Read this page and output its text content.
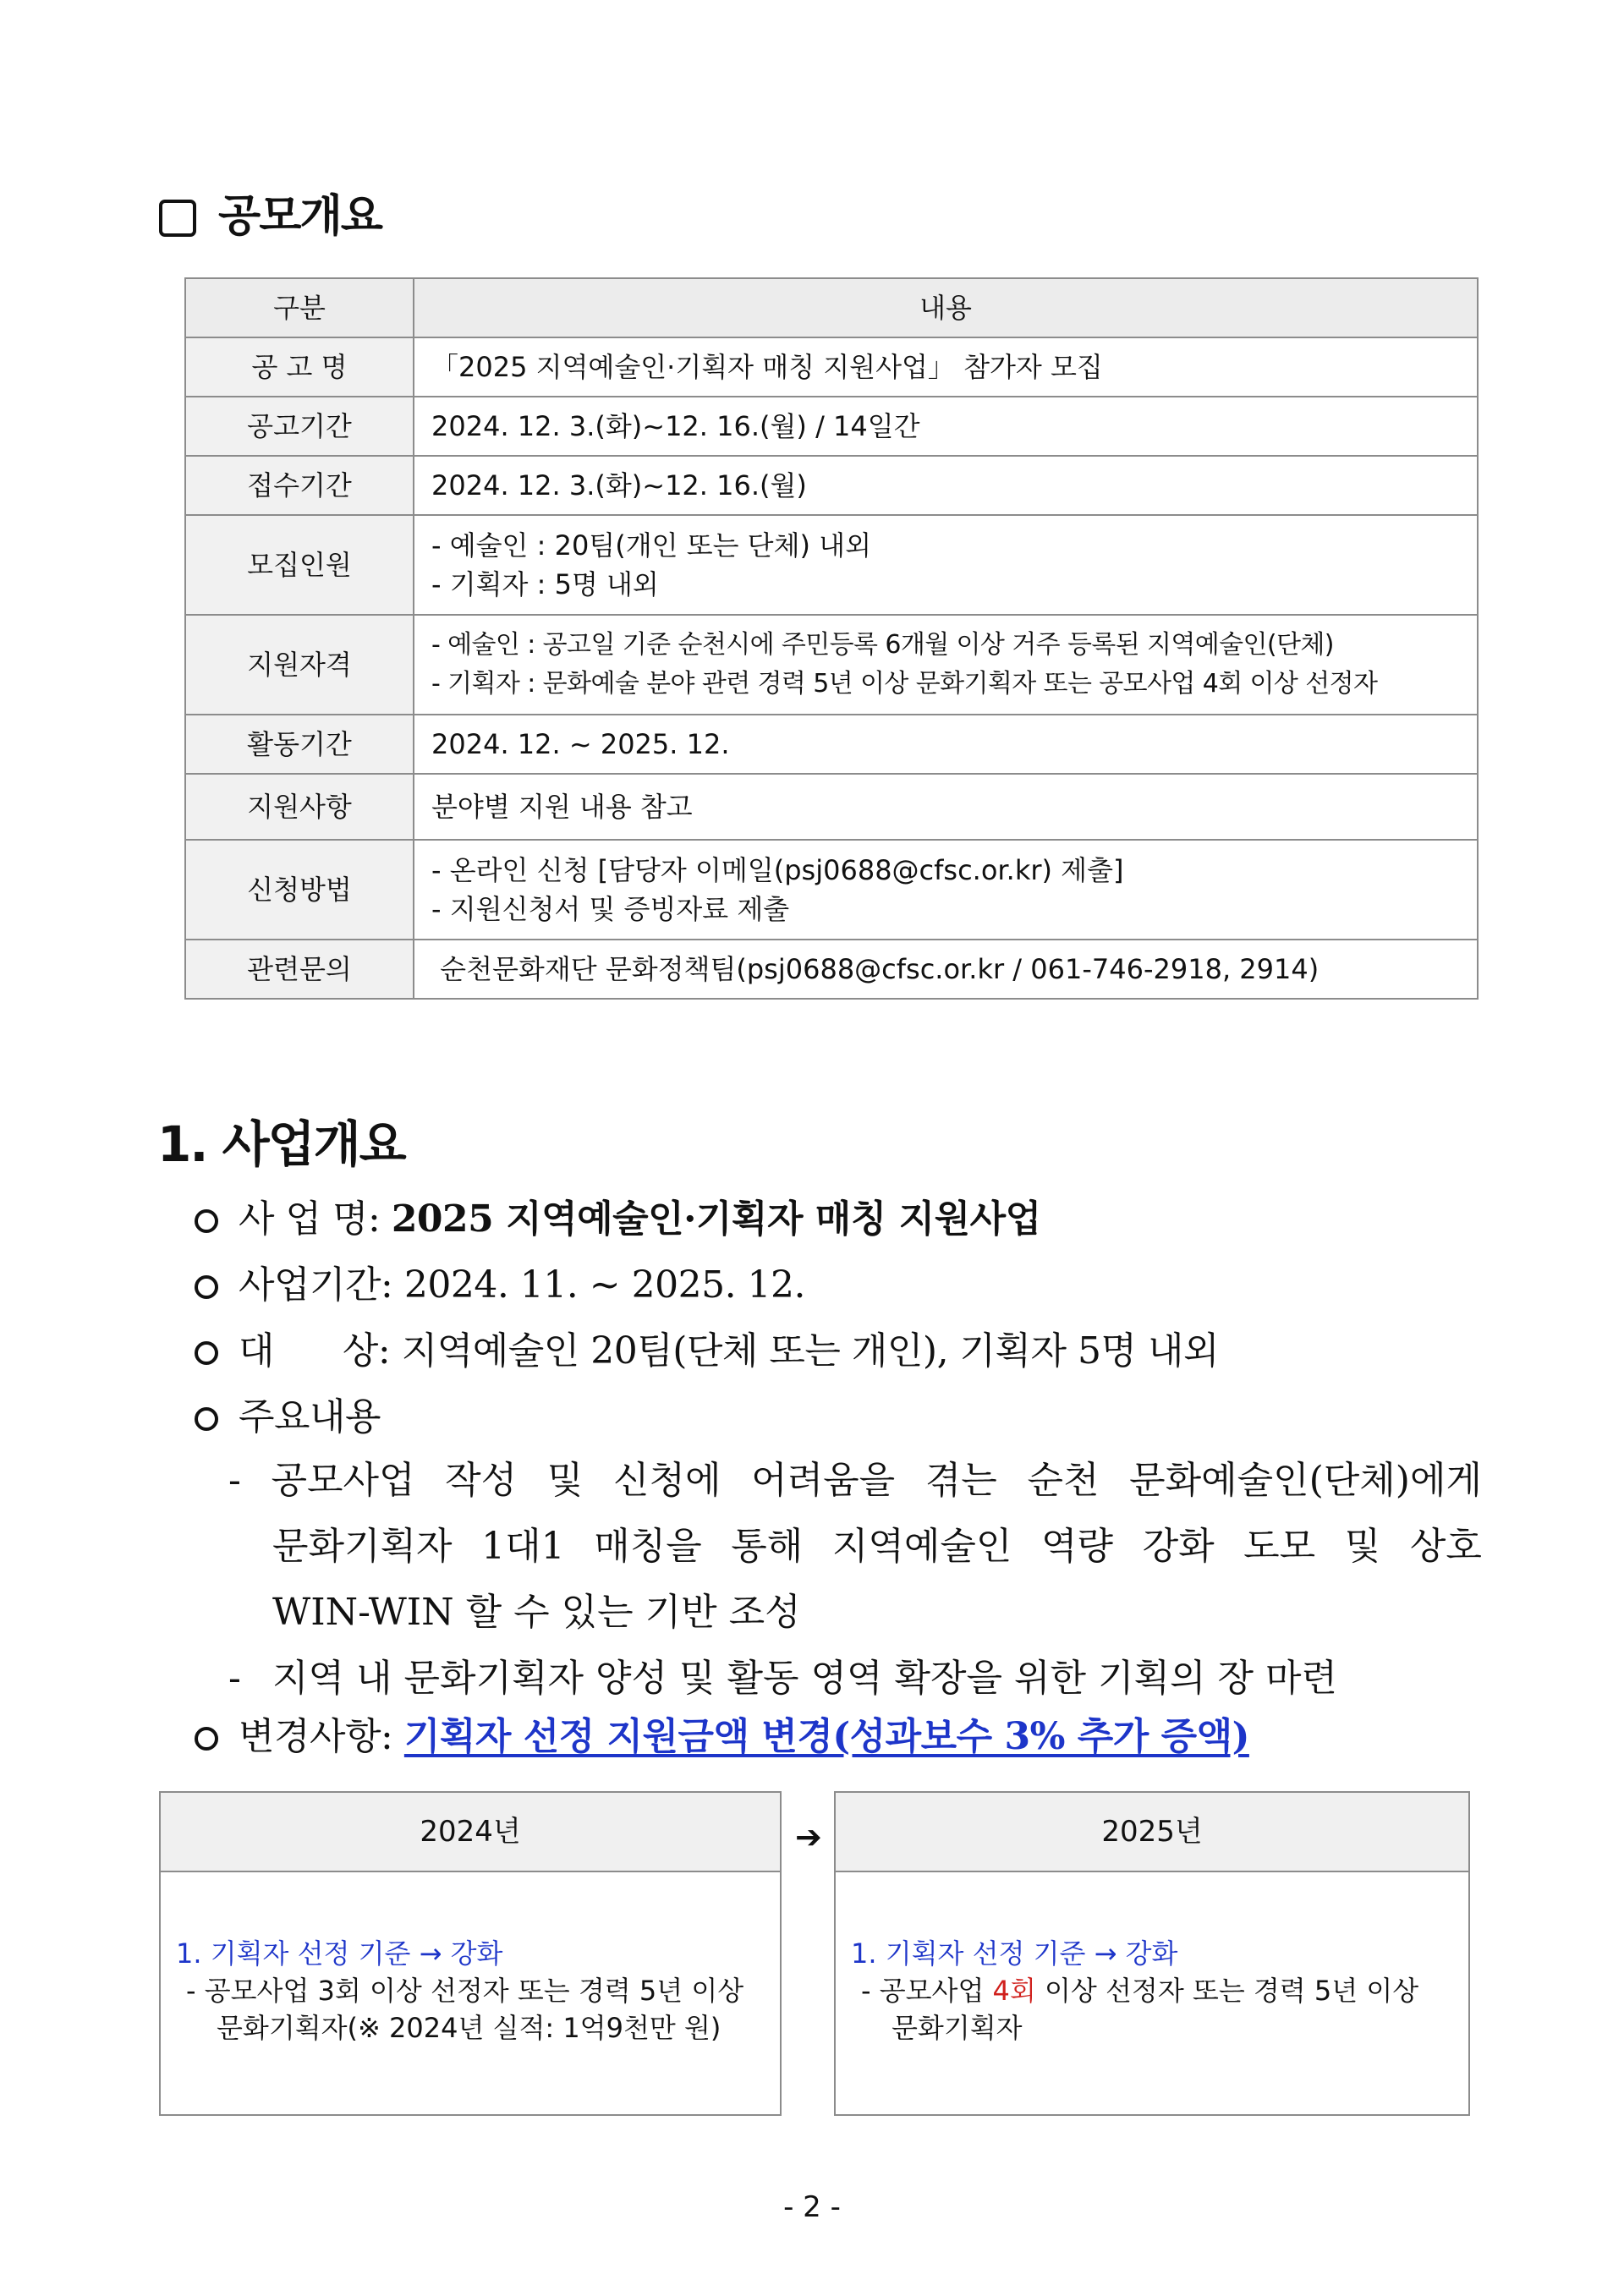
공모개요
구분	내용
공 고 명	「2025 지역예술인·기획자 매칭 지원사업」 참가자 모집
공고기간	2024. 12. 3.(화)~12. 16.(월) / 14일간
접수기간	2024. 12. 3.(화)~12. 16.(월)
모집인원	- 예술인 : 20팀(개인 또는 단체) 내외
- 기획자 : 5명 내외

지원자격	- 예술인 : 공고일 기준 순천시에 주민등록 6개월 이상 거주 등록된 지역예술인(단체)
- 기획자 : 문화예술 분야 관련 경력 5년 이상 문화기획자 또는 공모사업 4회 이상 선정자

활동기간	2024. 12. ~ 2025. 12.
지원사항	분야별 지원 내용 참고
신청방법	- 온라인 신청 [담당자 이메일(psj0688@cfsc.or.kr) 제출]
- 지원신청서 및 증빙자료 제출

관련문의	순천문화재단 문화정책팀(psj0688@cfsc.or.kr / 061-746-2918, 2914)
1. 사업개요
사 업 명: 2025 지역예술인·기획자 매칭 지원사업
사업기간: 2024. 11. ~ 2025. 12.
대      상: 지역예술인 20팀(단체 또는 개인), 기획자 5명 내외
주요내용
- 공모사업 작성 및 신청에 어려움을 겪는 순천 문화예술인(단체)에게
문화기획자 1대1 매칭을 통해 지역예술인 역량 강화 도모 및 상호
WIN-WIN 할 수 있는 기반 조성
- 지역 내 문화기획자 양성 및 활동 영역 확장을 위한 기획의 장 마련
변경사항: 기획자 선정 지원금액 변경(성과보수 3% 추가 증액)
2024년
1. 기획자 선정 기준 → 강화
- 공모사업 3회 이상 선정자 또는 경력 5년 이상
문화기획자(※ 2024년 실적: 1억9천만 원)
➔	2025년
1. 기획자 선정 기준 → 강화
- 공모사업 4회 이상 선정자 또는 경력 5년 이상
문화기획자
- 2 -
